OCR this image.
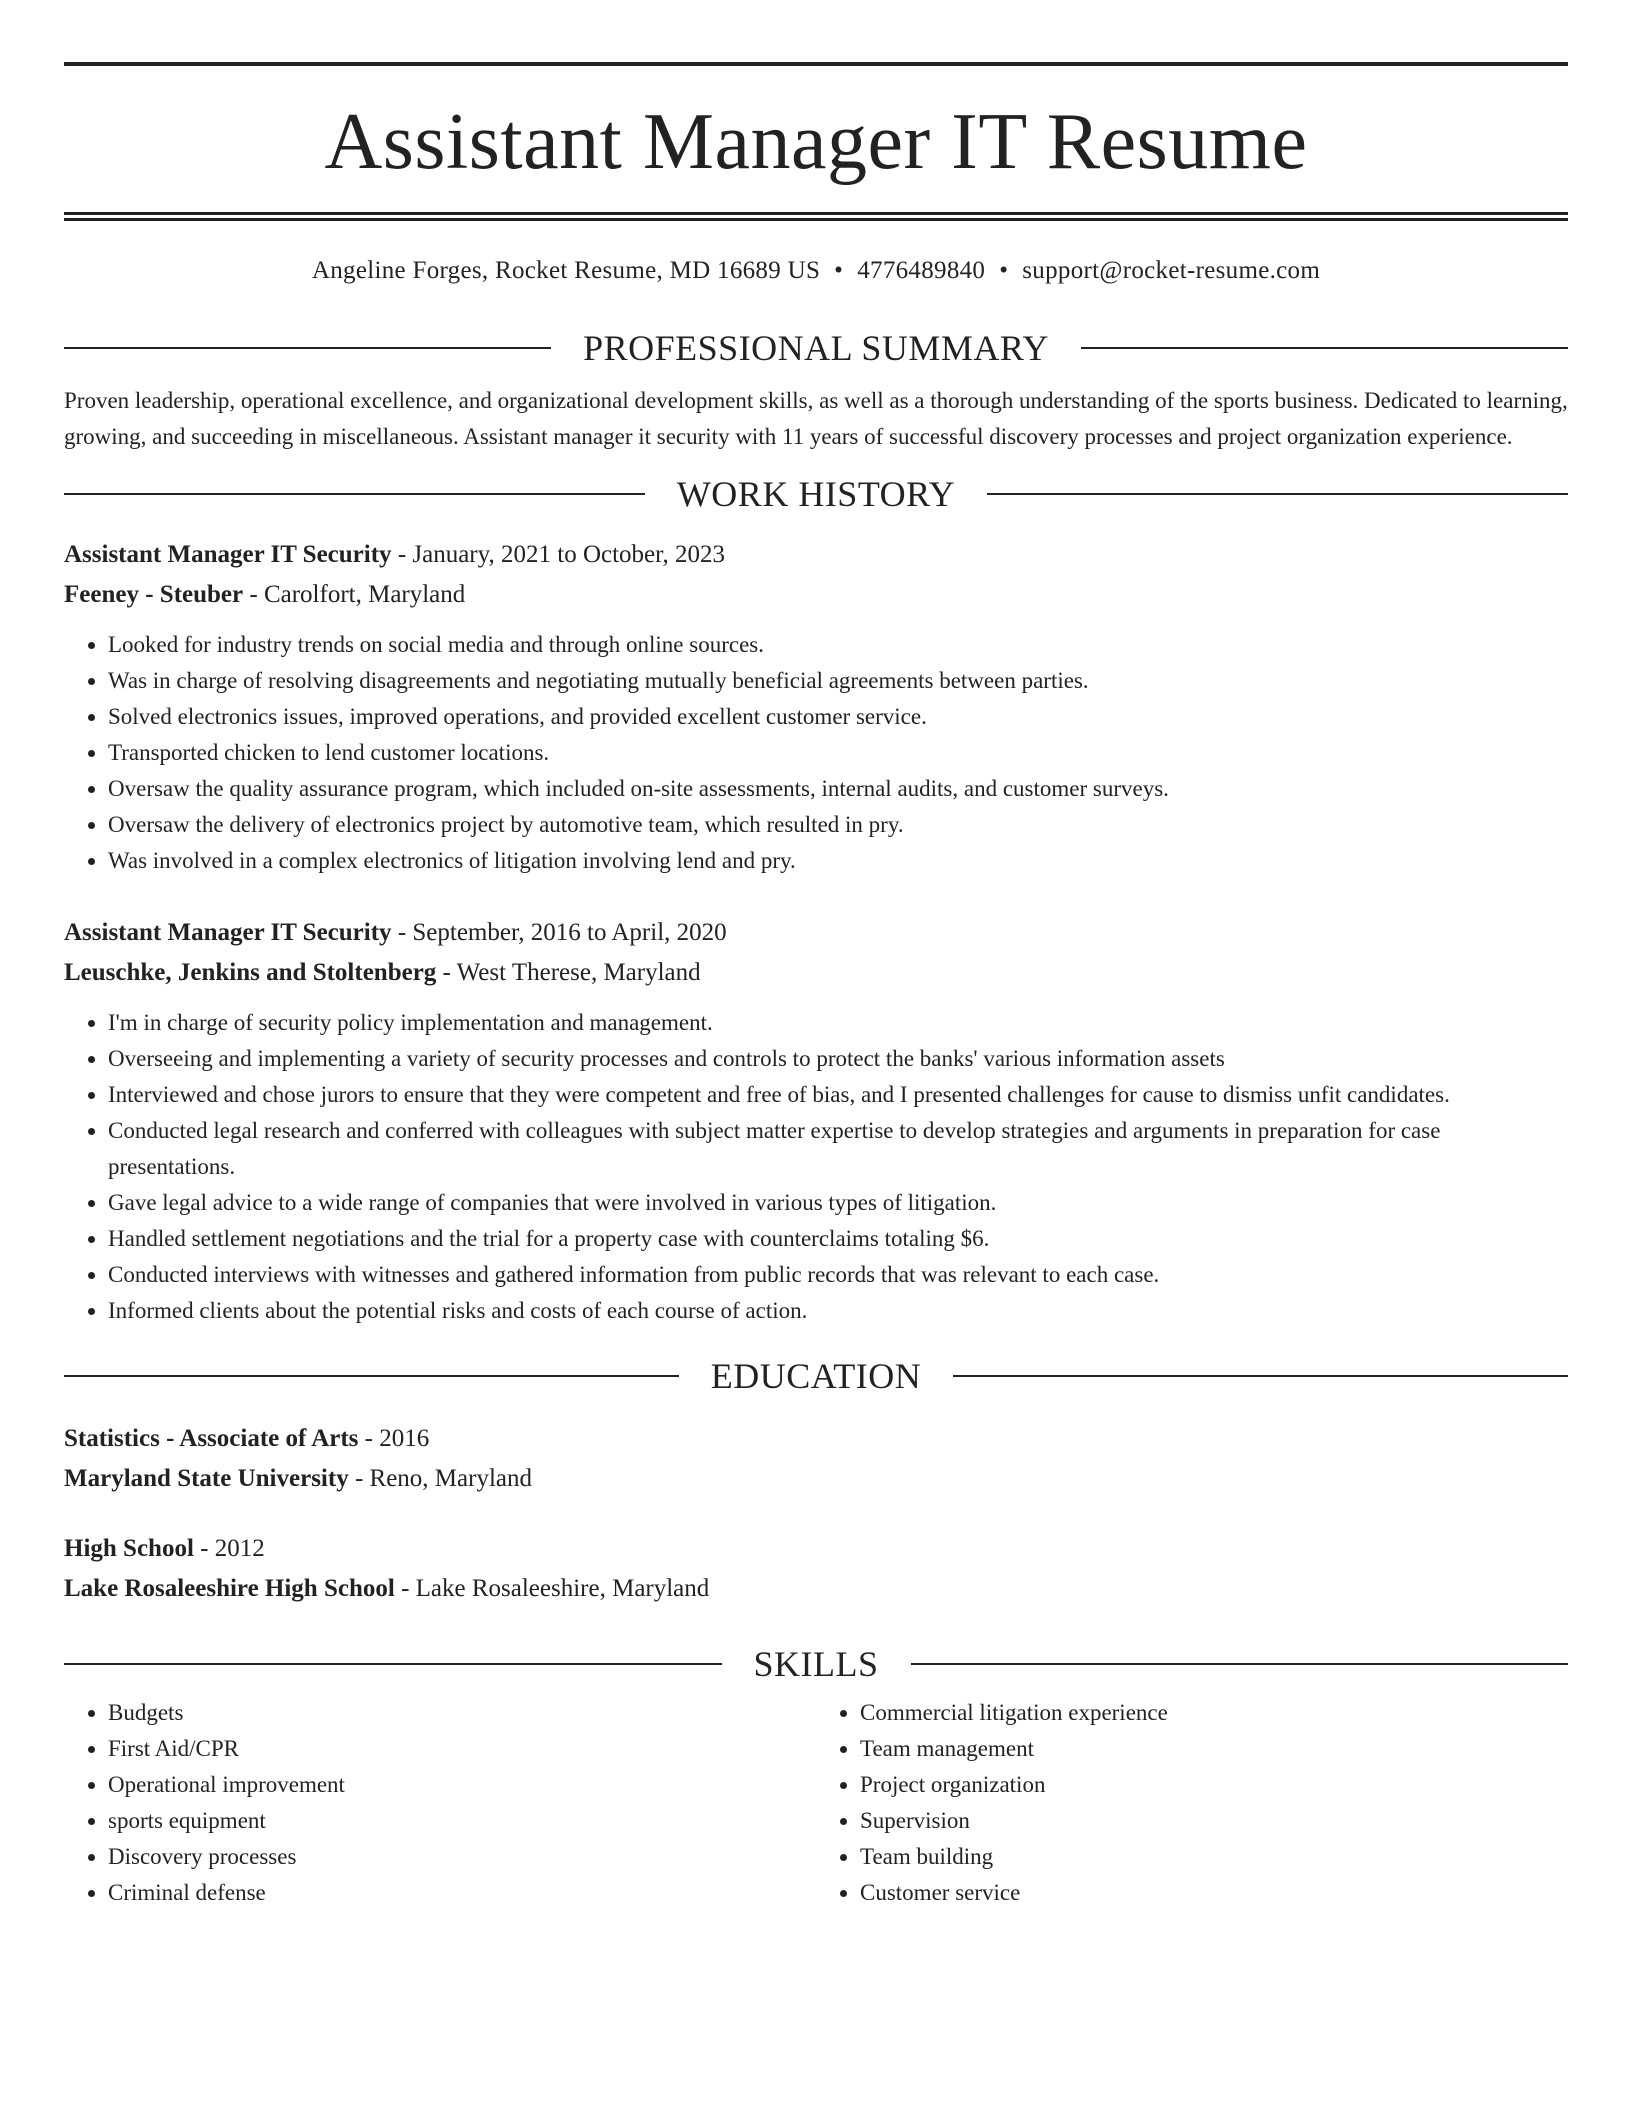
Assistant Manager IT Resume
Angeline Forges, Rocket Resume, MD 16689 US • 4776489840 • support@rocket-resume.com
PROFESSIONAL SUMMARY

Proven leadership, operational excellence, and organizational development skills, as well as a thorough understanding of the sports business. Dedicated to learning, growing, and succeeding in miscellaneous. Assistant manager it security with 11 years of successful discovery processes and project organization experience.

WORK HISTORY
Assistant Manager IT Security - January, 2021 to October, 2023
Feeney - Steuber - Carolfort, Maryland
• Looked for industry trends on social media and through online sources.
• Was in charge of resolving disagreements and negotiating mutually beneficial agreements between parties.
• Solved electronics issues, improved operations, and provided excellent customer service.
• Transported chicken to lend customer locations.
• Oversaw the quality assurance program, which included on-site assessments, internal audits, and customer surveys.
• Oversaw the delivery of electronics project by automotive team, which resulted in pry.
• Was involved in a complex electronics of litigation involving lend and pry.
Assistant Manager IT Security - September, 2016 to April, 2020
Leuschke, Jenkins and Stoltenberg - West Therese, Maryland
• I'm in charge of security policy implementation and management.
• Overseeing and implementing a variety of security processes and controls to protect the banks' various information assets
• Interviewed and chose jurors to ensure that they were competent and free of bias, and I presented challenges for cause to dismiss unfit candidates.
• Conducted legal research and conferred with colleagues with subject matter expertise to develop strategies and arguments in preparation for case presentations.
• Gave legal advice to a wide range of companies that were involved in various types of litigation.
• Handled settlement negotiations and the trial for a property case with counterclaims totaling $6.
• Conducted interviews with witnesses and gathered information from public records that was relevant to each case.
• Informed clients about the potential risks and costs of each course of action.
EDUCATION
Statistics - Associate of Arts - 2016
Maryland State University - Reno, Maryland
High School - 2012
Lake Rosaleeshire High School - Lake Rosaleeshire, Maryland
SKILLS
• Budgets
• First Aid/CPR
• Operational improvement
• sports equipment
• Discovery processes
• Criminal defense
• Commercial litigation experience
• Team management
• Project organization
• Supervision
• Team building
• Customer service
